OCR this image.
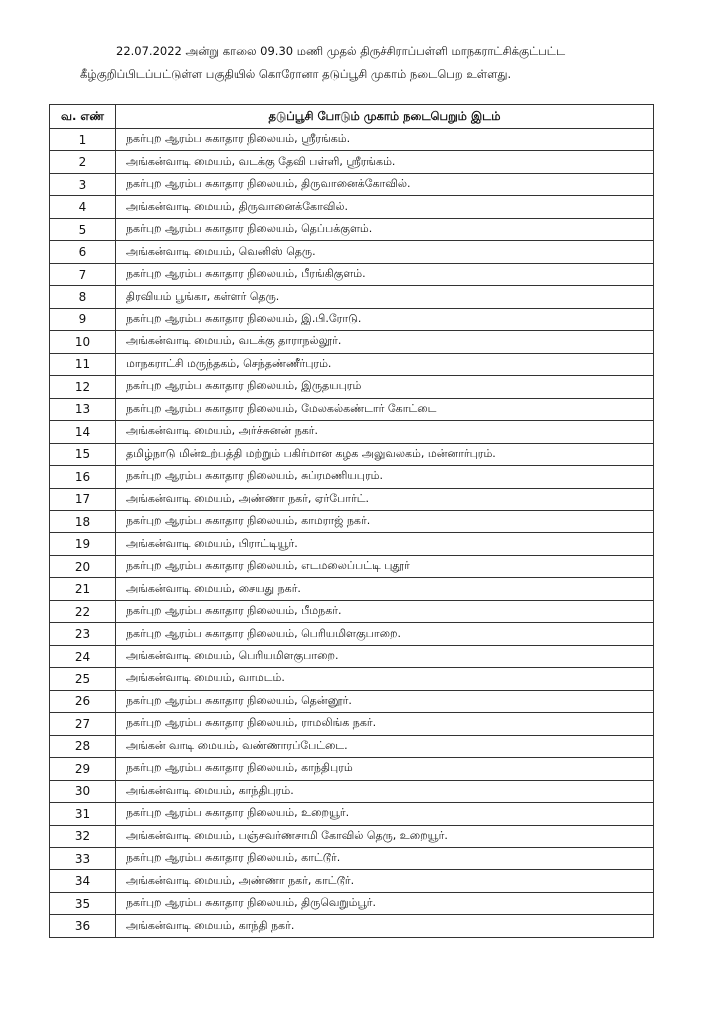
22.07.2022 அன்று காலை 09.30 மணி முதல் திருச்சிராப்பள்ளி மாநகராட்சிக்குட்பட்ட
கீழ்குறிப்பிடப்பட்டுள்ள பகுதியில் கொரோனா தடுப்பூசி முகாம் நடைபெற உள்ளது.
வ. எண்	தடுப்பூசி போடும் முகாம் நடைபெறும் இடம்
1	நகர்புற ஆரம்ப சுகாதார நிலையம், ஸ்ரீரங்கம்.
2	அங்கன்வாடி மையம், வடக்கு தேவி பள்ளி, ஸ்ரீரங்கம்.
3	நகர்புற ஆரம்ப சுகாதார நிலையம், திருவானைக்கோவில்.
4	அங்கன்வாடி மையம், திருவானைக்கோவில்.
5	நகர்புற ஆரம்ப சுகாதார நிலையம், தெப்பக்குளம்.
6	அங்கன்வாடி மையம், வெனிஸ் தெரு.
7	நகர்புற ஆரம்ப சுகாதார நிலையம், பீரங்கிகுளம்.
8	திரவியம் பூங்கா, கள்ளர் தெரு.
9	நகர்புற ஆரம்ப சுகாதார நிலையம், இ.பி.ரோடு.
10	அங்கன்வாடி மையம், வடக்கு தாராநல்லூர்.
11	மாநகராட்சி மருந்தகம், செந்தண்ணீர்புரம்.
12	நகர்புற ஆரம்ப சுகாதார நிலையம், இருதயபுரம்
13	நகர்புற ஆரம்ப சுகாதார நிலையம், மேலகல்கண்டார் கோட்டை
14	அங்கன்வாடி மையம், அர்ச்சுனன் நகர்.
15	தமிழ்நாடு மின்உற்பத்தி மற்றும் பகிர்மான கழக அலுவலகம், மன்னார்புரம்.
16	நகர்புற ஆரம்ப சுகாதார நிலையம், சுப்ரமணியபுரம்.
17	அங்கன்வாடி மையம், அண்ணா நகர், ஏர்போர்ட்.
18	நகர்புற ஆரம்ப சுகாதார நிலையம், காமராஜ் நகர்.
19	அங்கன்வாடி மையம், பிராட்டியூர்.
20	நகர்புற ஆரம்ப சுகாதார நிலையம், எடமலைப்பட்டி புதூர்
21	அங்கன்வாடி மையம், சையது நகர்.
22	நகர்புற ஆரம்ப சுகாதார நிலையம், பீமநகர்.
23	நகர்புற ஆரம்ப சுகாதார நிலையம், பெரியமிளகுபாறை.
24	அங்கன்வாடி மையம், பெரியமிளகுபாறை.
25	அங்கன்வாடி மையம், வாமடம்.
26	நகர்புற ஆரம்ப சுகாதார நிலையம், தென்னூர்.
27	நகர்புற ஆரம்ப சுகாதார நிலையம், ராமலிங்க நகர்.
28	அங்கன் வாடி மையம், வண்ணாரப்பேட்டை.
29	நகர்புற ஆரம்ப சுகாதார நிலையம், காந்திபுரம்
30	அங்கன்வாடி மையம், காந்திபுரம்.
31	நகர்புற ஆரம்ப சுகாதார நிலையம், உறையூர்.
32	அங்கன்வாடி மையம், பஞ்சவர்ணசாமி கோவில் தெரு, உறையூர்.
33	நகர்புற ஆரம்ப சுகாதார நிலையம், காட்டூர்.
34	அங்கன்வாடி மையம், அண்ணா நகர், காட்டூர்.
35	நகர்புற ஆரம்ப சுகாதார நிலையம், திருவெறும்பூர்.
36	அங்கன்வாடி மையம், காந்தி நகர்.
